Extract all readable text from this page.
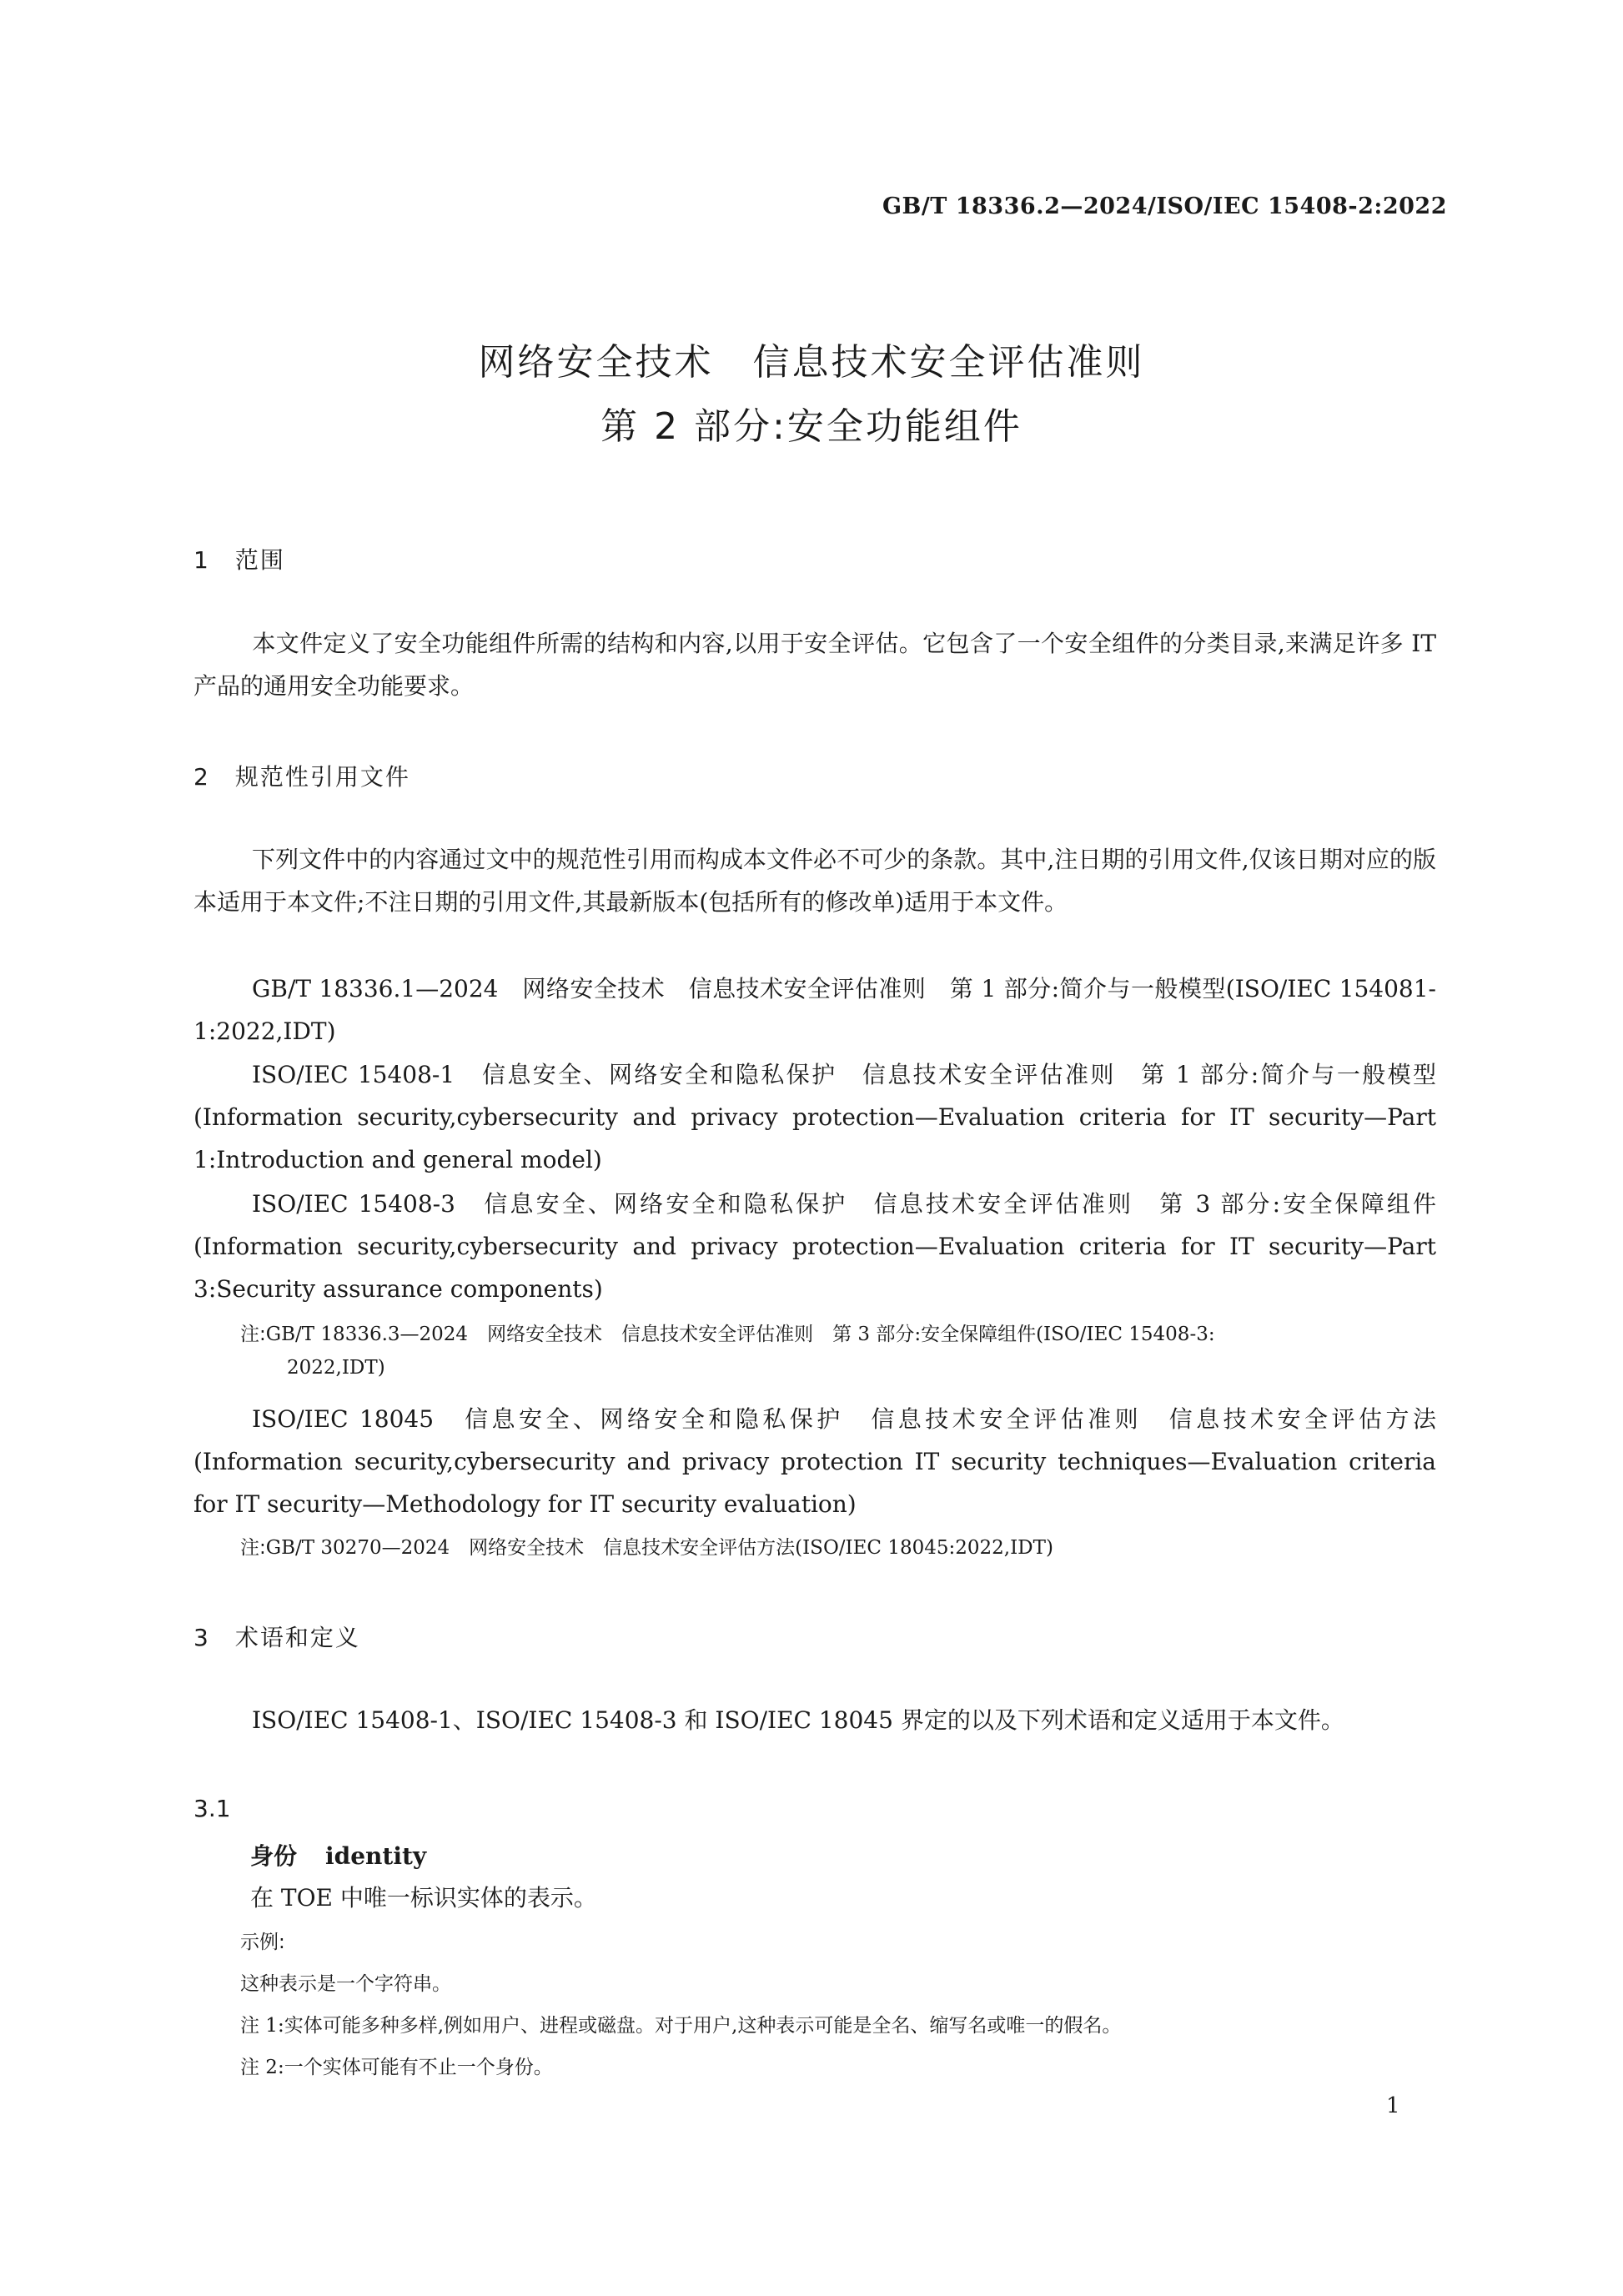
GB/T 18336.2—2024/ISO/IEC 15408-2:2022
网络安全技术　信息技术安全评估准则
第 2 部分:安全功能组件
1　范围
本文件定义了安全功能组件所需的结构和内容,以用于安全评估。它包含了一个安全组件的分类目录,来满足许多 IT 产品的通用安全功能要求。
2　规范性引用文件
下列文件中的内容通过文中的规范性引用而构成本文件必不可少的条款。其中,注日期的引用文件,仅该日期对应的版本适用于本文件;不注日期的引用文件,其最新版本(包括所有的修改单)适用于本文件。
GB/T 18336.1—2024　网络安全技术　信息技术安全评估准则　第 1 部分:简介与一般模型(ISO/IEC 154081-1:2022,IDT)
ISO/IEC 15408-1　信息安全、网络安全和隐私保护　信息技术安全评估准则　第 1 部分:简介与一般模型(Information security,cybersecurity and privacy protection—Evaluation criteria for IT security—Part 1:Introduction and general model)
ISO/IEC 15408-3　信息安全、网络安全和隐私保护　信息技术安全评估准则　第 3 部分:安全保障组件(Information security,cybersecurity and privacy protection—Evaluation criteria for IT security—Part 3:Security assurance components)
注:GB/T 18336.3—2024　网络安全技术　信息技术安全评估准则　第 3 部分:安全保障组件(ISO/IEC 15408-3:
2022,IDT)
ISO/IEC 18045　信息安全、网络安全和隐私保护　信息技术安全评估准则　信息技术安全评估方法(Information security,cybersecurity and privacy protection IT security techniques—Evaluation criteria for IT security—Methodology for IT security evaluation)
注:GB/T 30270—2024　网络安全技术　信息技术安全评估方法(ISO/IEC 18045:2022,IDT)
3　术语和定义
ISO/IEC 15408-1、ISO/IEC 15408-3 和 ISO/IEC 18045 界定的以及下列术语和定义适用于本文件。
3.1
身份 identity
在 TOE 中唯一标识实体的表示。
示例:
这种表示是一个字符串。
注 1:实体可能多种多样,例如用户、进程或磁盘。对于用户,这种表示可能是全名、缩写名或唯一的假名。
注 2:一个实体可能有不止一个身份。
1
